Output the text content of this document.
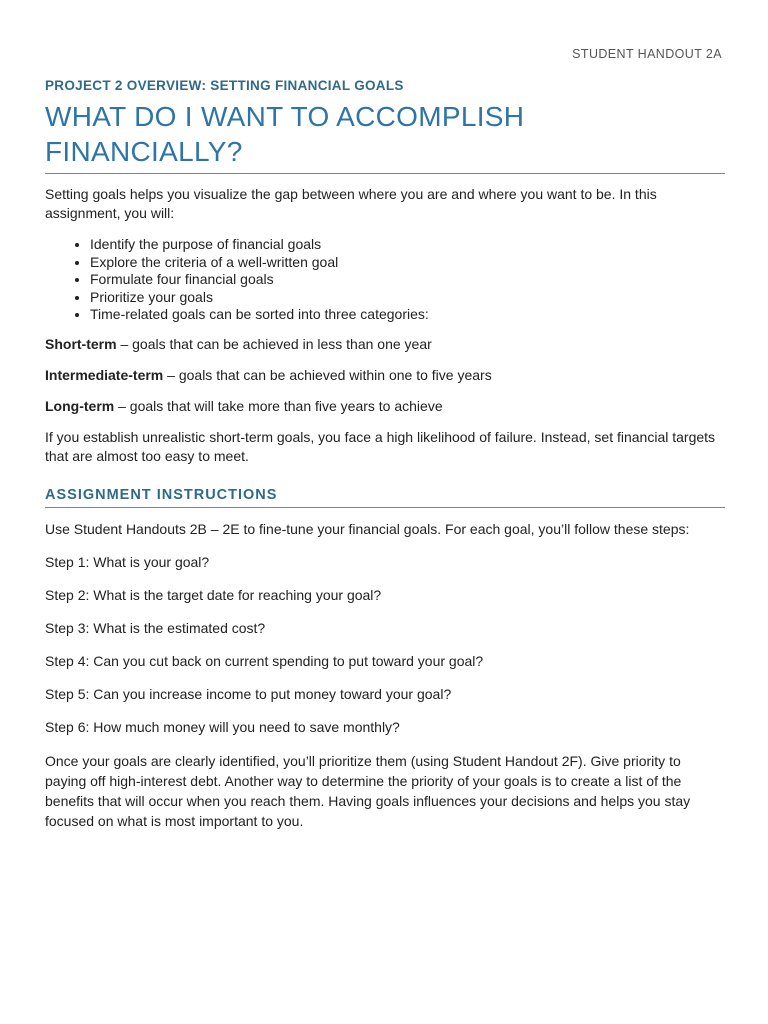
STUDENT HANDOUT 2A
PROJECT 2 OVERVIEW: SETTING FINANCIAL GOALS
WHAT DO I WANT TO ACCOMPLISH
FINANCIALLY?

Setting goals helps you visualize the gap between where you are and where you want to be. In this assignment, you will:

• Identify the purpose of financial goals
• Explore the criteria of a well-written goal
• Formulate four financial goals
• Prioritize your goals
• Time-related goals can be sorted into three categories:

Short-term – goals that can be achieved in less than one year

Intermediate-term – goals that can be achieved within one to five years

Long-term – goals that will take more than five years to achieve

If you establish unrealistic short-term goals, you face a high likelihood of failure. Instead, set financial targets that are almost too easy to meet.

ASSIGNMENT INSTRUCTIONS

Use Student Handouts 2B – 2E to fine-tune your financial goals. For each goal, you’ll follow these steps:

Step 1: What is your goal?

Step 2: What is the target date for reaching your goal?

Step 3: What is the estimated cost?

Step 4: Can you cut back on current spending to put toward your goal?

Step 5: Can you increase income to put money toward your goal?

Step 6: How much money will you need to save monthly?

Once your goals are clearly identified, you’ll prioritize them (using Student Handout 2F). Give priority to paying off high-interest debt. Another way to determine the priority of your goals is to create a list of the benefits that will occur when you reach them. Having goals influences your decisions and helps you stay focused on what is most important to you.
